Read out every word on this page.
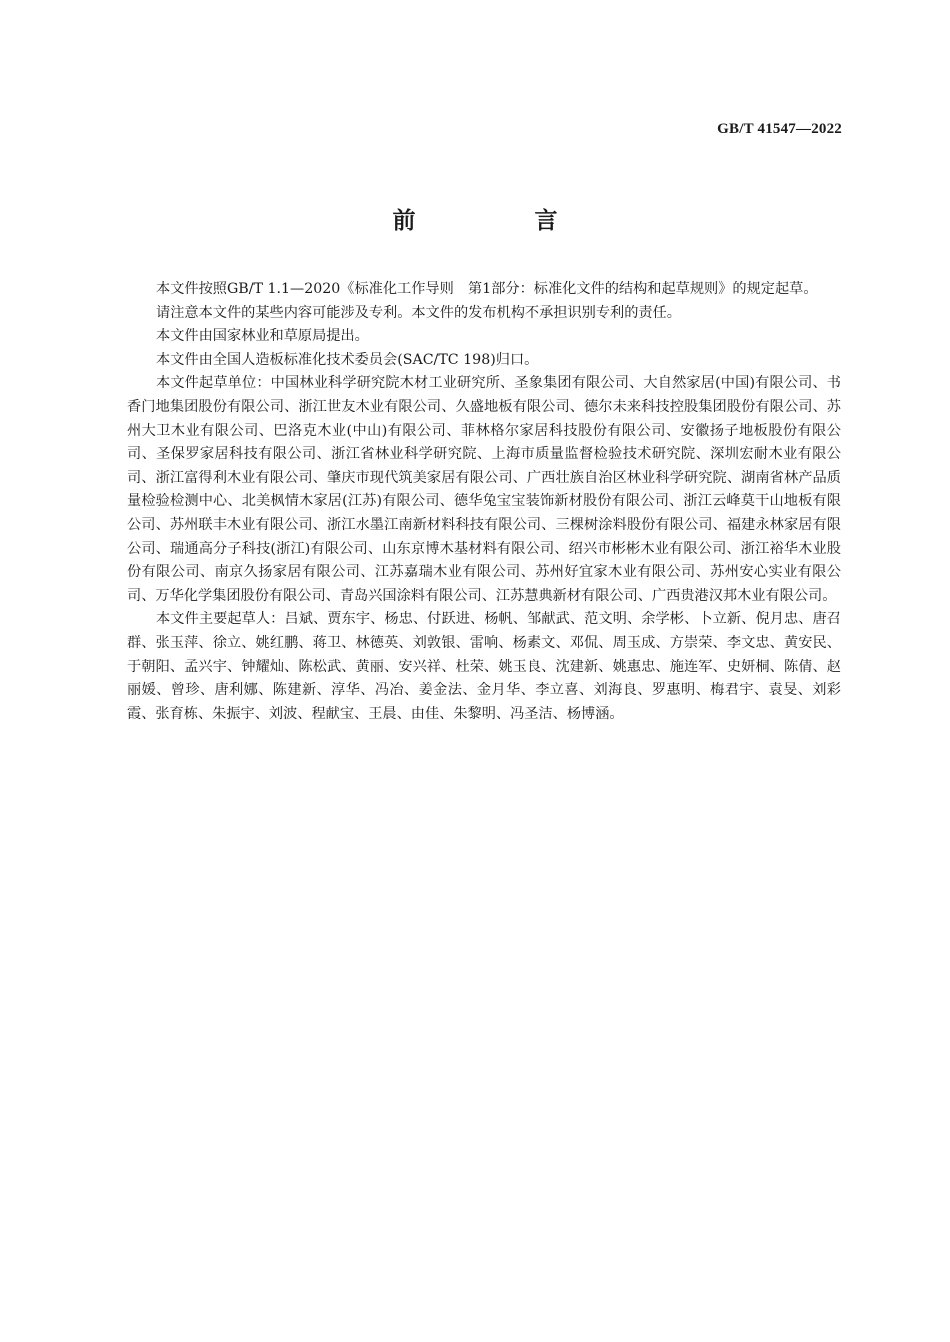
GB/T 41547—2022
前　言

本文件按照GB/T 1.1—2020《标准化工作导则　第1部分：标准化文件的结构和起草规则》的规定起草。

请注意本文件的某些内容可能涉及专利。本文件的发布机构不承担识别专利的责任。

本文件由国家林业和草原局提出。

本文件由全国人造板标准化技术委员会(SAC/TC 198)归口。

本文件起草单位：中国林业科学研究院木材工业研究所、圣象集团有限公司、大自然家居(中国)有限公司、书香门地集团股份有限公司、浙江世友木业有限公司、久盛地板有限公司、德尔未来科技控股集团股份有限公司、苏州大卫木业有限公司、巴洛克木业(中山)有限公司、菲林格尔家居科技股份有限公司、安徽扬子地板股份有限公司、圣保罗家居科技有限公司、浙江省林业科学研究院、上海市质量监督检验技术研究院、深圳宏耐木业有限公司、浙江富得利木业有限公司、肇庆市现代筑美家居有限公司、广西壮族自治区林业科学研究院、湖南省林产品质量检验检测中心、北美枫情木家居(江苏)有限公司、德华兔宝宝装饰新材股份有限公司、浙江云峰莫干山地板有限公司、苏州联丰木业有限公司、浙江水墨江南新材料科技有限公司、三棵树涂料股份有限公司、福建永林家居有限公司、瑞通高分子科技(浙江)有限公司、山东京博木基材料有限公司、绍兴市彬彬木业有限公司、浙江裕华木业股份有限公司、南京久扬家居有限公司、江苏嘉瑞木业有限公司、苏州好宜家木业有限公司、苏州安心实业有限公司、万华化学集团股份有限公司、青岛兴国涂料有限公司、江苏慧典新材有限公司、广西贵港汉邦木业有限公司。

本文件主要起草人：吕斌、贾东宇、杨忠、付跃进、杨帆、邹献武、范文明、余学彬、卜立新、倪月忠、唐召群、张玉萍、徐立、姚红鹏、蒋卫、林德英、刘敦银、雷响、杨素文、邓侃、周玉成、方崇荣、李文忠、黄安民、于朝阳、孟兴宇、钟耀灿、陈松武、黄丽、安兴祥、杜荣、姚玉良、沈建新、姚惠忠、施连军、史妍桐、陈倩、赵丽媛、曾珍、唐利娜、陈建新、淳华、冯冶、姜金法、金月华、李立喜、刘海良、罗惠明、梅君宇、袁旻、刘彩霞、张育栋、朱振宇、刘波、程献宝、王晨、由佳、朱黎明、冯圣洁、杨博涵。
